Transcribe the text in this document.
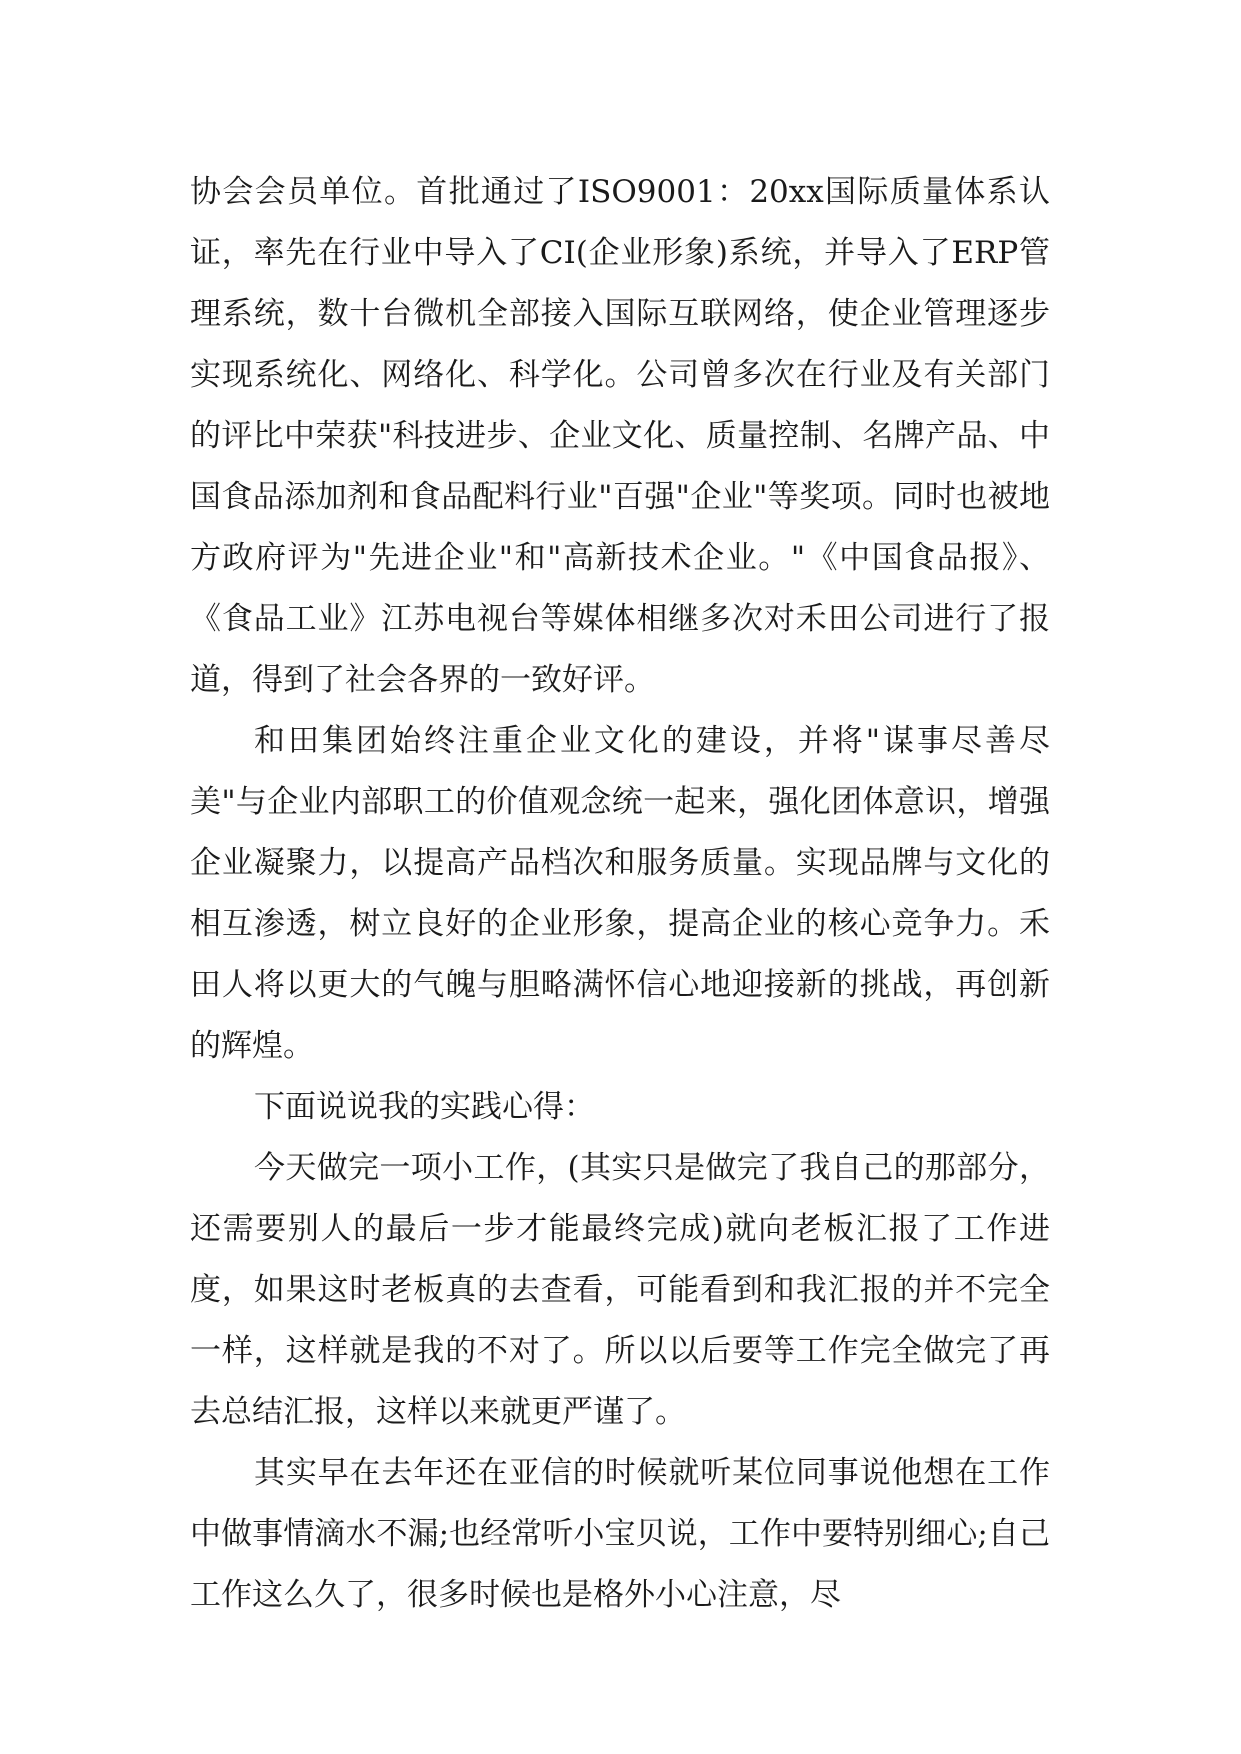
协会会员单位。首批通过了ISO9001：20xx国际质量体系认证，率先在行业中导入了CI(企业形象)系统，并导入了ERP管理系统，数十台微机全部接入国际互联网络，使企业管理逐步实现系统化、网络化、科学化。公司曾多次在行业及有关部门的评比中荣获"科技进步、企业文化、质量控制、名牌产品、中国食品添加剂和食品配料行业"百强"企业"等奖项。同时也被地方政府评为"先进企业"和"高新技术企业。"《中国食品报》、《食品工业》江苏电视台等媒体相继多次对禾田公司进行了报道，得到了社会各界的一致好评。

和田集团始终注重企业文化的建设，并将"谋事尽善尽美"与企业内部职工的价值观念统一起来，强化团体意识，增强企业凝聚力，以提高产品档次和服务质量。实现品牌与文化的相互渗透，树立良好的企业形象，提高企业的核心竞争力。禾田人将以更大的气魄与胆略满怀信心地迎接新的挑战，再创新的辉煌。

下面说说我的实践心得：

今天做完一项小工作，(其实只是做完了我自己的那部分，还需要别人的最后一步才能最终完成)就向老板汇报了工作进度，如果这时老板真的去查看，可能看到和我汇报的并不完全一样，这样就是我的不对了。所以以后要等工作完全做完了再去总结汇报，这样以来就更严谨了。

其实早在去年还在亚信的时候就听某位同事说他想在工作中做事情滴水不漏;也经常听小宝贝说，工作中要特别细心;自己工作这么久了，很多时候也是格外小心注意，尽
